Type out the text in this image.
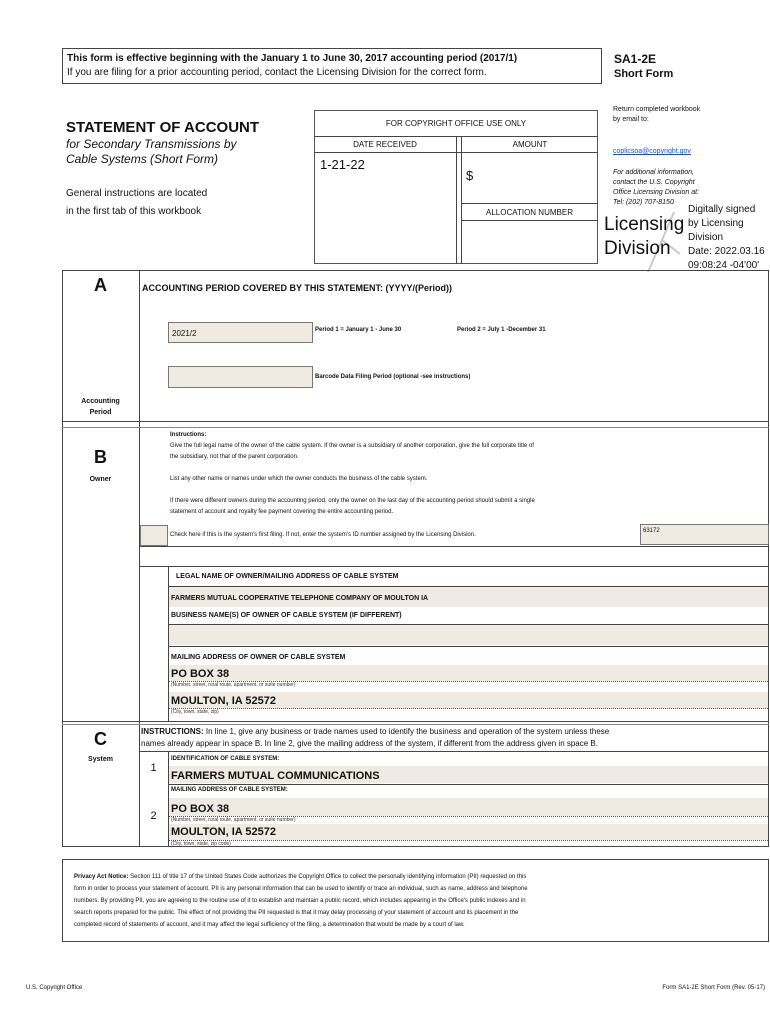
This form is effective beginning with the January 1 to June 30, 2017 accounting period (2017/1)
If you are filing for a prior accounting period, contact the Licensing Division for the correct form.
SA1-2E
Short Form
STATEMENT OF ACCOUNT
for Secondary Transmissions by
Cable Systems (Short Form)
General instructions are located
in the first tab of this workbook
FOR COPYRIGHT OFFICE USE ONLY
DATE RECEIVED	AMOUNT
1-21-22
$
ALLOCATION NUMBER
Return completed workbook
by email to:
coplicsoa@copyright.gov
For additional information,
contact the U.S. Copyright
Office Licensing Division at:
Tel: (202) 707-8150
Licensing
Division
Digitally signed
by Licensing
Division
Date: 2022.03.16
09:08:24 -04'00'
A
Accounting
Period
ACCOUNTING PERIOD COVERED BY THIS STATEMENT: (YYYY/(Period))
2021/2	Period 1 = January 1 - June 30	Period 2 = July 1 -December 31
Barcode Data Filing Period (optional -see instructions)
B
Owner
Instructions:
Give the full legal name of the owner of the cable system. If the owner is a subsidiary of another corporation, give the full corporate title of
the subsidiary, not that of the parent corporation.
List any other name or names under which the owner conducts the business of the cable system.
If there were different owners during the accounting period, only the owner on the last day of the accounting period should submit a single
statement of account and royalty fee payment covering the entire accounting period.
Check here if this is the system's first filing. If not, enter the system's ID number assigned by the Licensing Division.
63172
LEGAL NAME OF OWNER/MAILING ADDRESS OF CABLE SYSTEM
FARMERS MUTUAL COOPERATIVE TELEPHONE COMPANY OF MOULTON IA
BUSINESS NAME(S) OF OWNER OF CABLE SYSTEM (IF DIFFERENT)
MAILING ADDRESS OF OWNER OF CABLE SYSTEM
PO BOX 38
(Number, street, rural route, apartment, or suite number)
MOULTON, IA 52572
(City, town, state, zip)
C
System
INSTRUCTIONS: In line 1, give any business or trade names used to identify the business and operation of the system unless these
names already appear in space B. In line 2, give the mailing address of the system, if different from the address given in space B.
1
IDENTIFICATION OF CABLE SYSTEM:
FARMERS MUTUAL COMMUNICATIONS
MAILING ADDRESS OF CABLE SYSTEM:
2
PO BOX 38
(Number, street, rural route, apartment, or suite number)
MOULTON, IA 52572
(City, town, state, zip code)
Privacy Act Notice: Section 111 of title 17 of the United States Code authorizes the Copyright Office to collect the personally identifying information (PII) requested on this
form in order to process your statement of account. PII is any personal information that can be used to identify or trace an individual, such as name, address and telephone
numbers. By providing PII, you are agreeing to the routine use of it to establish and maintain a public record, which includes appearing in the Office's public indexes and in
search reports prepared for the public. The effect of not providing the PII requested is that it may delay processing of your statement of account and its placement in the
completed record of statements of account, and it may affect the legal sufficiency of the filing, a determination that would be made by a court of law.
U.S. Copyright Office	Form SA1-2E Short Form (Rev. 05-17)
